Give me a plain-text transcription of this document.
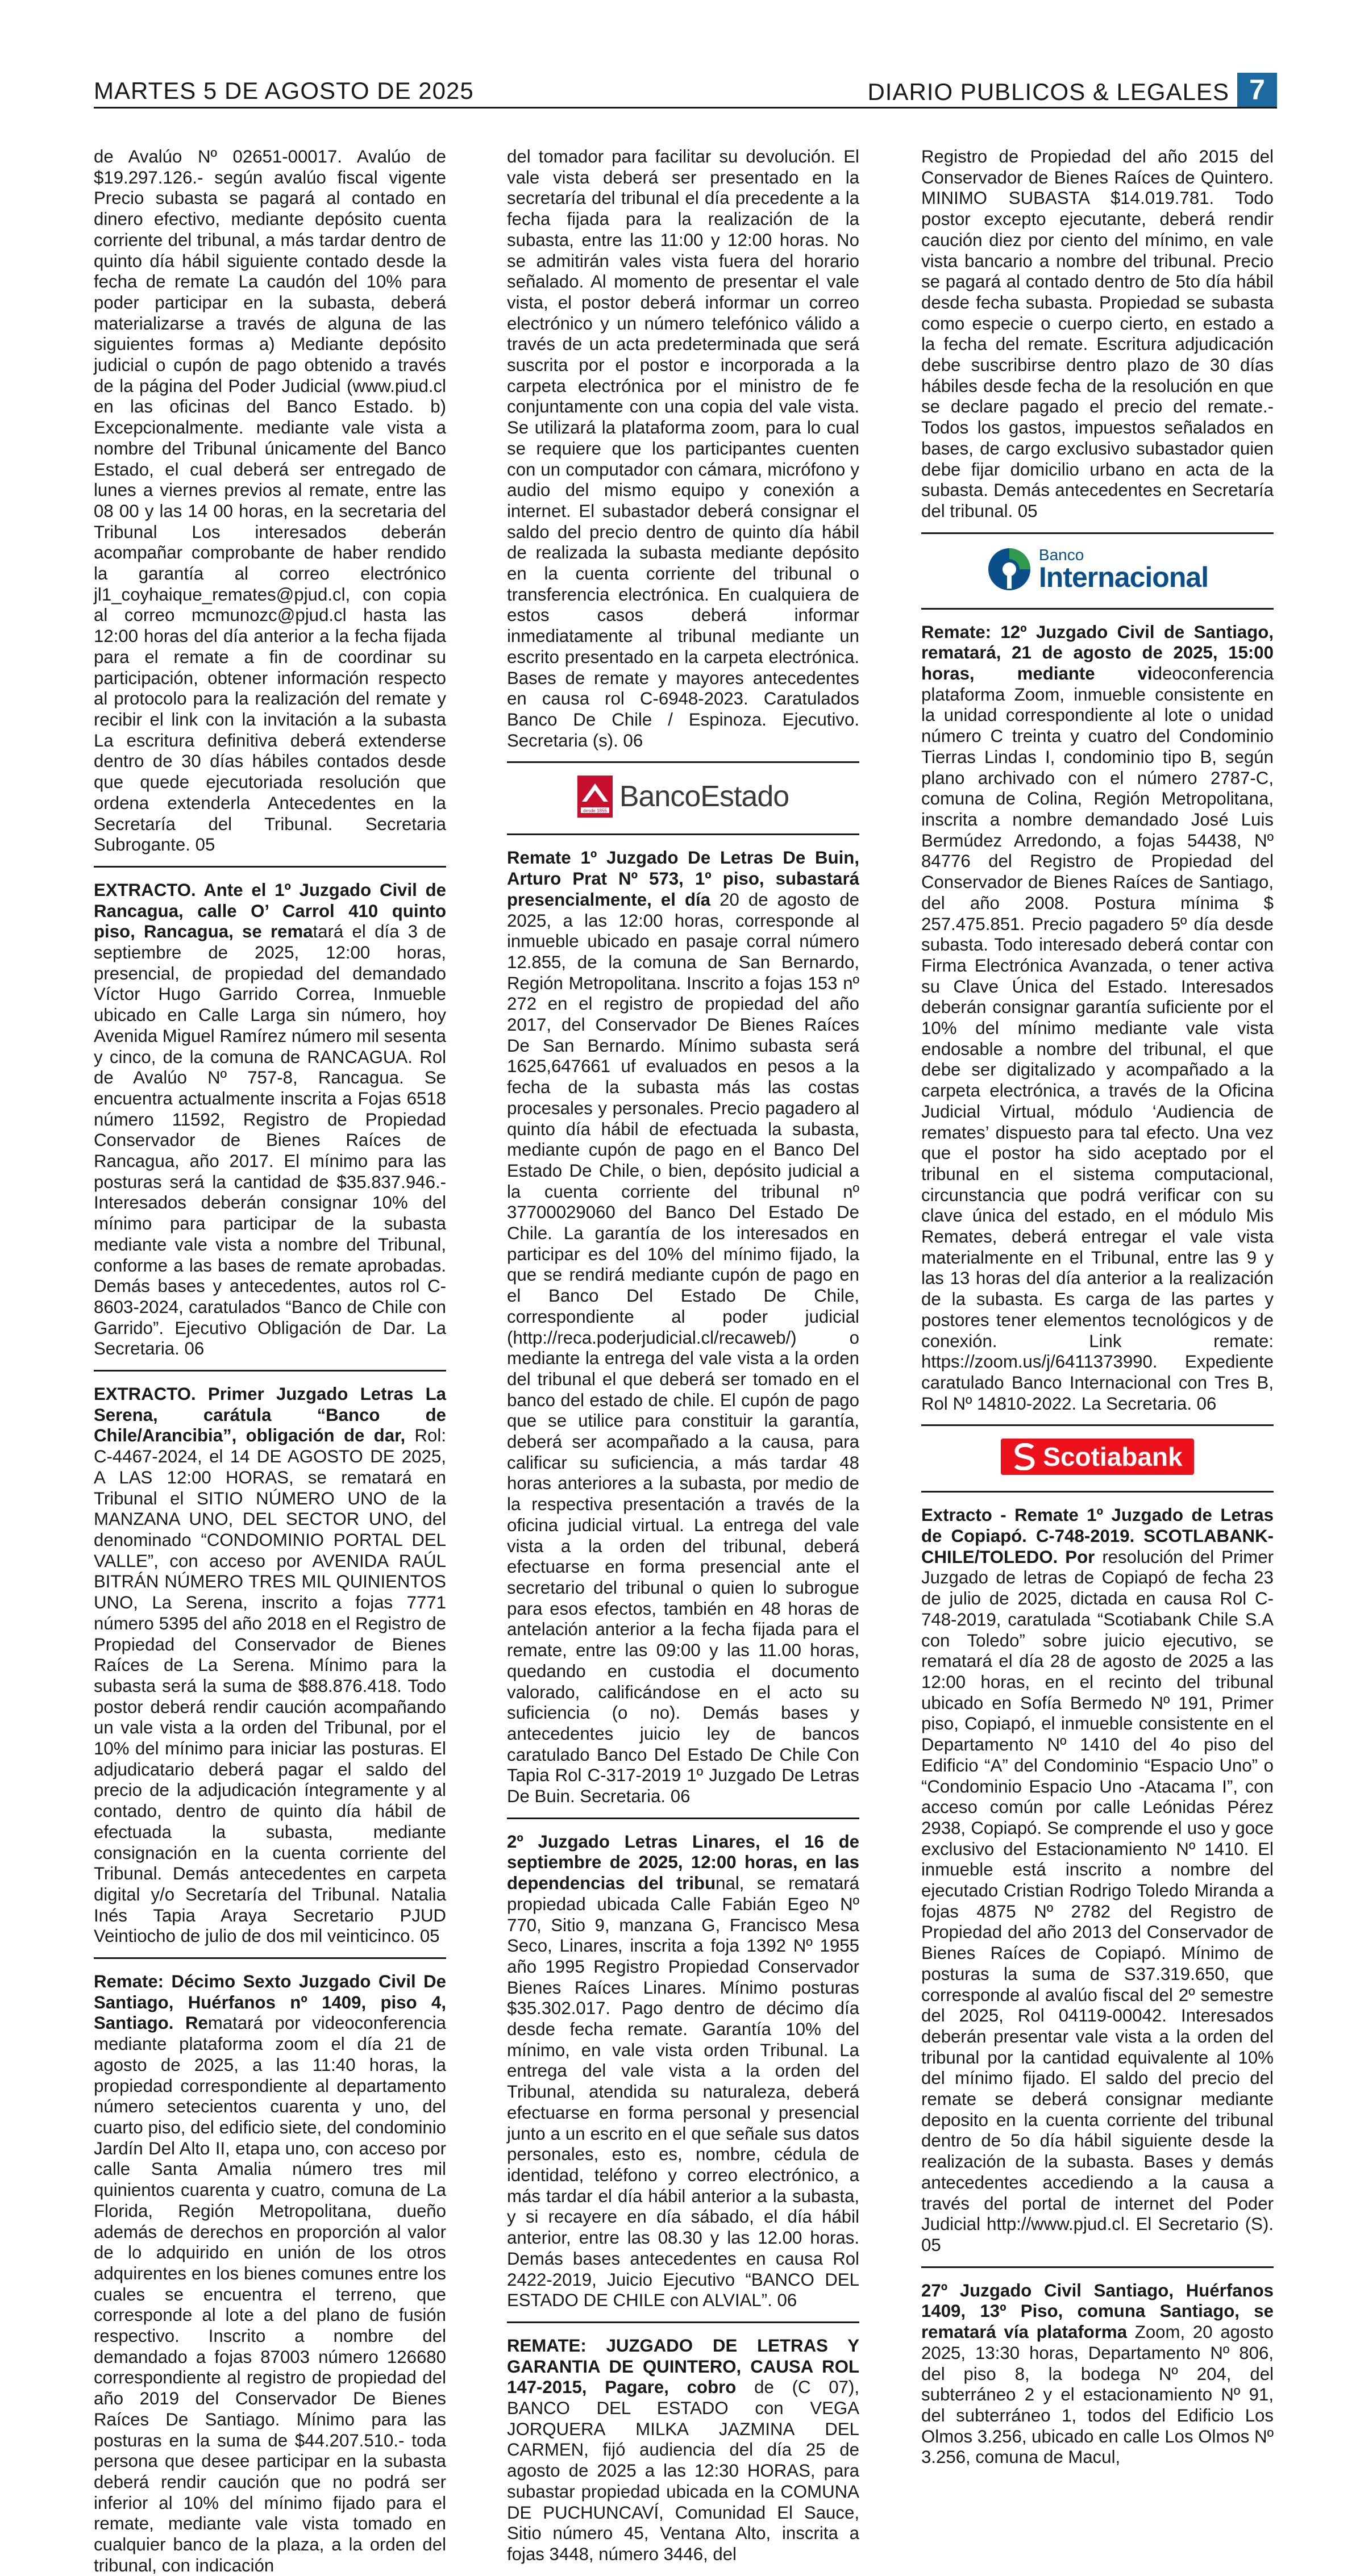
MARTES 5 DE AGOSTO DE 2025	DIARIO PUBLICOS & LEGALES 7

de Avalúo Nº 02651-00017. Avalúo de $19.297.126.- según avalúo fiscal vigente Precio subasta se pagará al contado en dinero efectivo, mediante depósito cuenta corriente del tribunal, a más tardar dentro de quinto día hábil siguiente contado desde la fecha de remate La caudón del 10% para poder participar en la subasta, deberá materializarse a través de alguna de las siguientes formas a) Mediante depósito judicial o cupón de pago obtenido a través de la página del Poder Judicial (www.piud.cl en las oficinas del Banco Estado. b) Excepcionalmente. mediante vale vista a nombre del Tribunal únicamente del Banco Estado, el cual deberá ser entregado de lunes a viernes previos al remate, entre las 08 00 y las 14 00 horas, en la secretaria del Tribunal Los interesados deberán acompañar comprobante de haber rendido la garantía al correo electrónico jl1_coyhaique_remates@pjud.cl, con copia al correo mcmunozc@pjud.cl hasta las 12:00 horas del día anterior a la fecha fijada para el remate a fin de coordinar su participación, obtener información respecto al protocolo para la realización del remate y recibir el link con la invitación a la subasta La escritura definitiva deberá extenderse dentro de 30 días hábiles contados desde que quede ejecutoriada resolución que ordena extenderla Antecedentes en la Secretaría del Tribunal. Secretaria Subrogante. 05

EXTRACTO. Ante el 1º Juzgado Civil de Rancagua, calle O’ Carrol 410 quinto piso, Rancagua, se rematará el día 3 de septiembre de 2025, 12:00 horas, presencial, de propiedad del demandado Víctor Hugo Garrido Correa, Inmueble ubicado en Calle Larga sin número, hoy Avenida Miguel Ramírez número mil sesenta y cinco, de la comuna de RANCAGUA. Rol de Avalúo Nº 757-8, Rancagua. Se encuentra actualmente inscrita a Fojas 6518 número 11592, Registro de Propiedad Conservador de Bienes Raíces de Rancagua, año 2017. El mínimo para las posturas será la cantidad de $35.837.946.- Interesados deberán consignar 10% del mínimo para participar de la subasta mediante vale vista a nombre del Tribunal, conforme a las bases de remate aprobadas. Demás bases y antecedentes, autos rol C-8603-2024, caratulados “Banco de Chile con Garrido”. Ejecutivo Obligación de Dar. La Secretaria. 06

EXTRACTO. Primer Juzgado Letras La Serena, carátula “Banco de Chile/Arancibia”, obligación de dar, Rol: C-4467-2024, el 14 DE AGOSTO DE 2025, A LAS 12:00 HORAS, se rematará en Tribunal el SITIO NÚMERO UNO de la MANZANA UNO, DEL SECTOR UNO, del denominado “CONDOMINIO PORTAL DEL VALLE”, con acceso por AVENIDA RAÚL BITRÁN NÚMERO TRES MIL QUINIENTOS UNO, La Serena, inscrito a fojas 7771 número 5395 del año 2018 en el Registro de Propiedad del Conservador de Bienes Raíces de La Serena. Mínimo para la subasta será la suma de $88.876.418. Todo postor deberá rendir caución acompañando un vale vista a la orden del Tribunal, por el 10% del mínimo para iniciar las posturas. El adjudicatario deberá pagar el saldo del precio de la adjudicación íntegramente y al contado, dentro de quinto día hábil de efectuada la subasta, mediante consignación en la cuenta corriente del Tribunal. Demás antecedentes en carpeta digital y/o Secretaría del Tribunal. Natalia Inés Tapia Araya Secretario PJUD Veintiocho de julio de dos mil veinticinco. 05

Remate: Décimo Sexto Juzgado Civil De Santiago, Huérfanos nº 1409, piso 4, Santiago. Rematará por videoconferencia mediante plataforma zoom el día 21 de agosto de 2025, a las 11:40 horas, la propiedad correspondiente al departamento número setecientos cuarenta y uno, del cuarto piso, del edificio siete, del condominio Jardín Del Alto II, etapa uno, con acceso por calle Santa Amalia número tres mil quinientos cuarenta y cuatro, comuna de La Florida, Región Metropolitana, dueño además de derechos en proporción al valor de lo adquirido en unión de los otros adquirentes en los bienes comunes entre los cuales se encuentra el terreno, que corresponde al lote a del plano de fusión respectivo. Inscrito a nombre del demandado a fojas 87003 número 126680 correspondiente al registro de propiedad del año 2019 del Conservador De Bienes Raíces De Santiago. Mínimo para las posturas en la suma de $44.207.510.- toda persona que desee participar en la subasta deberá rendir caución que no podrá ser inferior al 10% del mínimo fijado para el remate, mediante vale vista tomado en cualquier banco de la plaza, a la orden del tribunal, con indicación

del tomador para facilitar su devolución. El vale vista deberá ser presentado en la secretaría del tribunal el día precedente a la fecha fijada para la realización de la subasta, entre las 11:00 y 12:00 horas. No se admitirán vales vista fuera del horario señalado. Al momento de presentar el vale vista, el postor deberá informar un correo electrónico y un número telefónico válido a través de un acta predeterminada que será suscrita por el postor e incorporada a la carpeta electrónica por el ministro de fe conjuntamente con una copia del vale vista. Se utilizará la plataforma zoom, para lo cual se requiere que los participantes cuenten con un computador con cámara, micrófono y audio del mismo equipo y conexión a internet. El subastador deberá consignar el saldo del precio dentro de quinto día hábil de realizada la subasta mediante depósito en la cuenta corriente del tribunal o transferencia electrónica. En cualquiera de estos casos deberá informar inmediatamente al tribunal mediante un escrito presentado en la carpeta electrónica. Bases de remate y mayores antecedentes en causa rol C-6948-2023. Caratulados Banco De Chile / Espinoza. Ejecutivo. Secretaria (s). 06

desde 1855 BancoEstado

Remate 1º Juzgado De Letras De Buin, Arturo Prat Nº 573, 1º piso, subastará presencialmente, el día 20 de agosto de 2025, a las 12:00 horas, corresponde al inmueble ubicado en pasaje corral número 12.855, de la comuna de San Bernardo, Región Metropolitana. Inscrito a fojas 153 nº 272 en el registro de propiedad del año 2017, del Conservador De Bienes Raíces De San Bernardo. Mínimo subasta será 1625,647661 uf evaluados en pesos a la fecha de la subasta más las costas procesales y personales. Precio pagadero al quinto día hábil de efectuada la subasta, mediante cupón de pago en el Banco Del Estado De Chile, o bien, depósito judicial a la cuenta corriente del tribunal nº 37700029060 del Banco Del Estado De Chile. La garantía de los interesados en participar es del 10% del mínimo fijado, la que se rendirá mediante cupón de pago en el Banco Del Estado De Chile, correspondiente al poder judicial (http://reca.poderjudicial.cl/recaweb/) o mediante la entrega del vale vista a la orden del tribunal el que deberá ser tomado en el banco del estado de chile. El cupón de pago que se utilice para constituir la garantía, deberá ser acompañado a la causa, para calificar su suficiencia, a más tardar 48 horas anteriores a la subasta, por medio de la respectiva presentación a través de la oficina judicial virtual. La entrega del vale vista a la orden del tribunal, deberá efectuarse en forma presencial ante el secretario del tribunal o quien lo subrogue para esos efectos, también en 48 horas de antelación anterior a la fecha fijada para el remate, entre las 09:00 y las 11.00 horas, quedando en custodia el documento valorado, calificándose en el acto su suficiencia (o no). Demás bases y antecedentes juicio ley de bancos caratulado Banco Del Estado De Chile Con Tapia Rol C-317-2019 1º Juzgado De Letras De Buin. Secretaria. 06

2º Juzgado Letras Linares, el 16 de septiembre de 2025, 12:00 horas, en las dependencias del tribunal, se rematará propiedad ubicada Calle Fabián Egeo Nº 770, Sitio 9, manzana G, Francisco Mesa Seco, Linares, inscrita a foja 1392 Nº 1955 año 1995 Registro Propiedad Conservador Bienes Raíces Linares. Mínimo posturas $35.302.017. Pago dentro de décimo día desde fecha remate. Garantía 10% del mínimo, en vale vista orden Tribunal. La entrega del vale vista a la orden del Tribunal, atendida su naturaleza, deberá efectuarse en forma personal y presencial junto a un escrito en el que señale sus datos personales, esto es, nombre, cédula de identidad, teléfono y correo electrónico, a más tardar el día hábil anterior a la subasta, y si recayere en día sábado, el día hábil anterior, entre las 08.30 y las 12.00 horas. Demás bases antecedentes en causa Rol 2422-2019, Juicio Ejecutivo “BANCO DEL ESTADO DE CHILE con ALVIAL”. 06

REMATE: JUZGADO DE LETRAS Y GARANTIA DE QUINTERO, CAUSA ROL 147-2015, Pagare, cobro de (C 07), BANCO DEL ESTADO con VEGA JORQUERA MILKA JAZMINA DEL CARMEN, fijó audiencia del día 25 de agosto de 2025 a las 12:30 HORAS, para subastar propiedad ubicada en la COMUNA DE PUCHUNCAVÍ, Comunidad El Sauce, Sitio número 45, Ventana Alto, inscrita a fojas 3448, número 3446, del

Registro de Propiedad del año 2015 del Conservador de Bienes Raíces de Quintero. MINIMO SUBASTA $14.019.781. Todo postor excepto ejecutante, deberá rendir caución diez por ciento del mínimo, en vale vista bancario a nombre del tribunal. Precio se pagará al contado dentro de 5to día hábil desde fecha subasta. Propiedad se subasta como especie o cuerpo cierto, en estado a la fecha del remate. Escritura adjudicación debe suscribirse dentro plazo de 30 días hábiles desde fecha de la resolución en que se declare pagado el precio del remate.- Todos los gastos, impuestos señalados en bases, de cargo exclusivo subastador quien debe fijar domicilio urbano en acta de la subasta. Demás antecedentes en Secretaría del tribunal. 05

Banco
Internacional

Remate: 12º Juzgado Civil de Santiago, rematará, 21 de agosto de 2025, 15:00 horas, mediante videoconferencia plataforma Zoom, inmueble consistente en la unidad correspondiente al lote o unidad número C treinta y cuatro del Condominio Tierras Lindas I, condominio tipo B, según plano archivado con el número 2787-C, comuna de Colina, Región Metropolitana, inscrita a nombre demandado José Luis Bermúdez Arredondo, a fojas 54438, Nº 84776 del Registro de Propiedad del Conservador de Bienes Raíces de Santiago, del año 2008. Postura mínima $ 257.475.851. Precio pagadero 5º día desde subasta. Todo interesado deberá contar con Firma Electrónica Avanzada, o tener activa su Clave Única del Estado. Interesados deberán consignar garantía suficiente por el 10% del mínimo mediante vale vista endosable a nombre del tribunal, el que debe ser digitalizado y acompañado a la carpeta electrónica, a través de la Oficina Judicial Virtual, módulo ‘Audiencia de remates’ dispuesto para tal efecto. Una vez que el postor ha sido aceptado por el tribunal en el sistema computacional, circunstancia que podrá verificar con su clave única del estado, en el módulo Mis Remates, deberá entregar el vale vista materialmente en el Tribunal, entre las 9 y las 13 horas del día anterior a la realización de la subasta. Es carga de las partes y postores tener elementos tecnológicos y de conexión. Link remate: https://zoom.us/j/6411373990. Expediente caratulado Banco Internacional con Tres B, Rol Nº 14810-2022. La Secretaria. 06

Scotiabank

Extracto - Remate 1º Juzgado de Letras de Copiapó. C-748-2019. SCOTLABANK-CHILE/TOLEDO. Por resolución del Primer Juzgado de letras de Copiapó de fecha 23 de julio de 2025, dictada en causa Rol C-748-2019, caratulada “Scotiabank Chile S.A con Toledo” sobre juicio ejecutivo, se rematará el día 28 de agosto de 2025 a las 12:00 horas, en el recinto del tribunal ubicado en Sofía Bermedo Nº 191, Primer piso, Copiapó, el inmueble consistente en el Departamento Nº 1410 del 4o piso del Edificio “A” del Condominio “Espacio Uno” o “Condominio Espacio Uno -Atacama I”, con acceso común por calle Leónidas Pérez 2938, Copiapó. Se comprende el uso y goce exclusivo del Estacionamiento Nº 1410. El inmueble está inscrito a nombre del ejecutado Cristian Rodrigo Toledo Miranda a fojas 4875 Nº 2782 del Registro de Propiedad del año 2013 del Conservador de Bienes Raíces de Copiapó. Mínimo de posturas la suma de S37.319.650, que corresponde al avalúo fiscal del 2º semestre del 2025, Rol 04119-00042. Interesados deberán presentar vale vista a la orden del tribunal por la cantidad equivalente al 10% del mínimo fijado. El saldo del precio del remate se deberá consignar mediante deposito en la cuenta corriente del tribunal dentro de 5o día hábil siguiente desde la realización de la subasta. Bases y demás antecedentes accediendo a la causa a través del portal de internet del Poder Judicial http://www.pjud.cl. El Secretario (S). 05

27º Juzgado Civil Santiago, Huérfanos 1409, 13º Piso, comuna Santiago, se rematará vía plataforma Zoom, 20 agosto 2025, 13:30 horas, Departamento Nº 806, del piso 8, la bodega Nº 204, del subterráneo 2 y el estacionamiento Nº 91, del subterráneo 1, todos del Edificio Los Olmos 3.256, ubicado en calle Los Olmos Nº 3.256, comuna de Macul,
